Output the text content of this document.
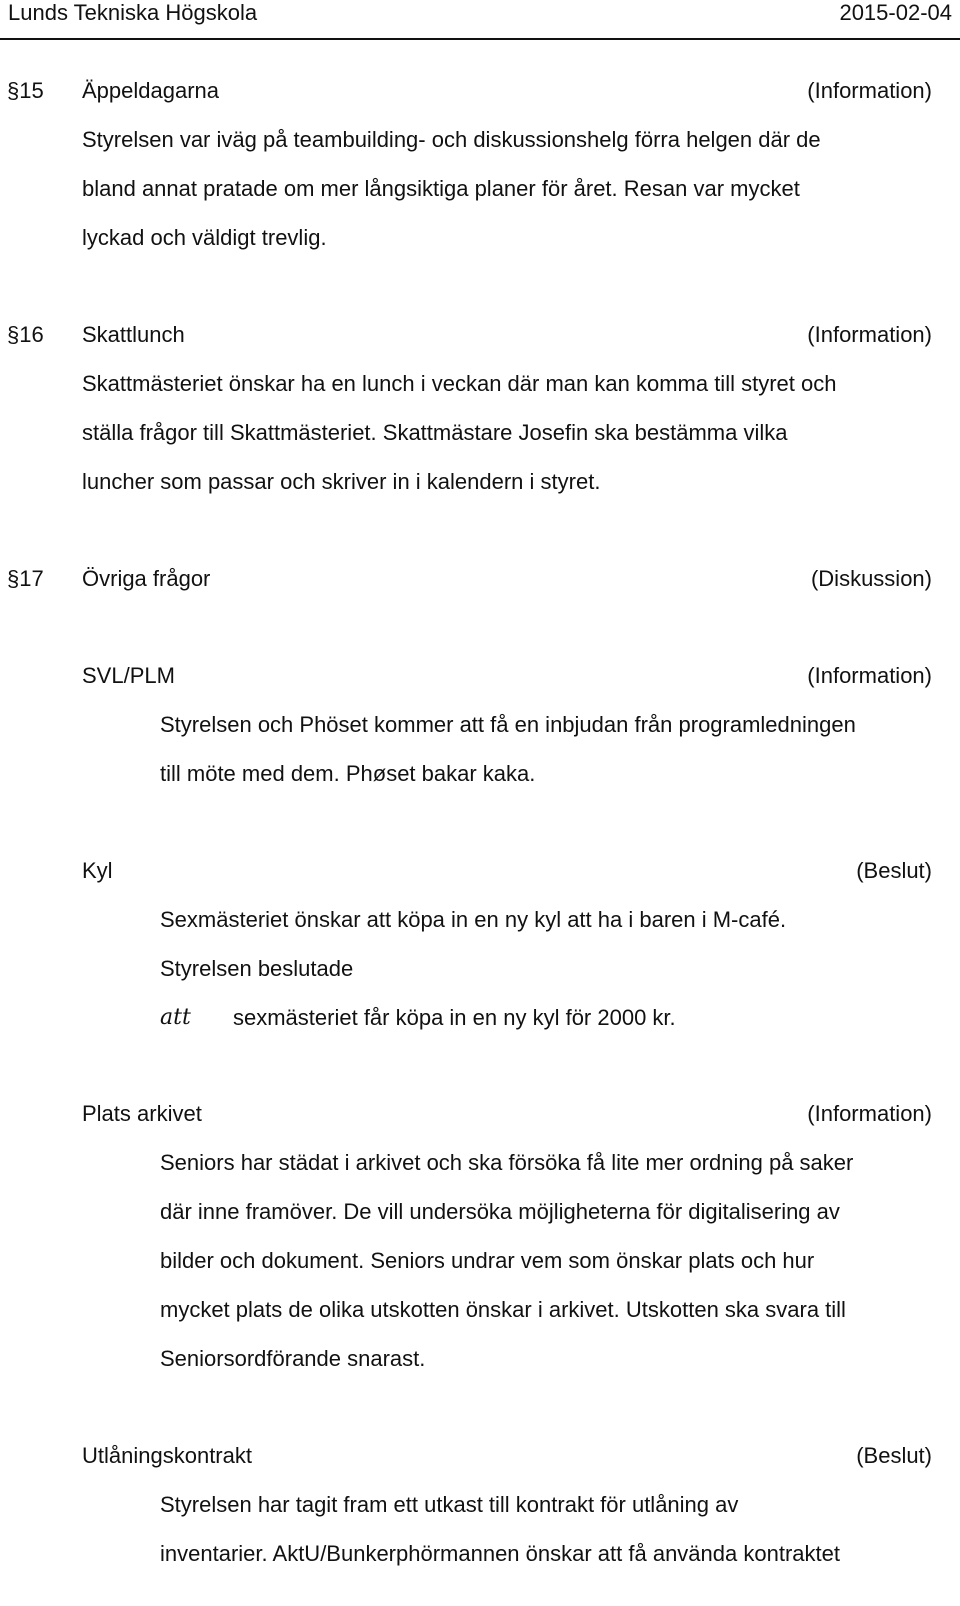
Lunds Tekniska Högskola	2015-02-04
§15 Äppeldagarna	(Information)
Styrelsen var iväg på teambuilding- och diskussionshelg förra helgen där de
bland annat pratade om mer långsiktiga planer för året. Resan var mycket
lyckad och väldigt trevlig.
§16 Skattlunch	(Information)
Skattmästeriet önskar ha en lunch i veckan där man kan komma till styret och
ställa frågor till Skattmästeriet. Skattmästare Josefin ska bestämma vilka
luncher som passar och skriver in i kalendern i styret.
§17 Övriga frågor	(Diskussion)
SVL/PLM	(Information)
Styrelsen och Phöset kommer att få en inbjudan från programledningen
till möte med dem. Phøset bakar kaka.
Kyl	(Beslut)
Sexmästeriet önskar att köpa in en ny kyl att ha i baren i M-café.
Styrelsen beslutade
att sexmästeriet får köpa in en ny kyl för 2000 kr.
Plats arkivet	(Information)
Seniors har städat i arkivet och ska försöka få lite mer ordning på saker
där inne framöver. De vill undersöka möjligheterna för digitalisering av
bilder och dokument. Seniors undrar vem som önskar plats och hur
mycket plats de olika utskotten önskar i arkivet. Utskotten ska svara till
Seniorsordförande snarast.
Utlåningskontrakt	(Beslut)
Styrelsen har tagit fram ett utkast till kontrakt för utlåning av
inventarier. AktU/Bunkerphörmannen önskar att få använda kontraktet
